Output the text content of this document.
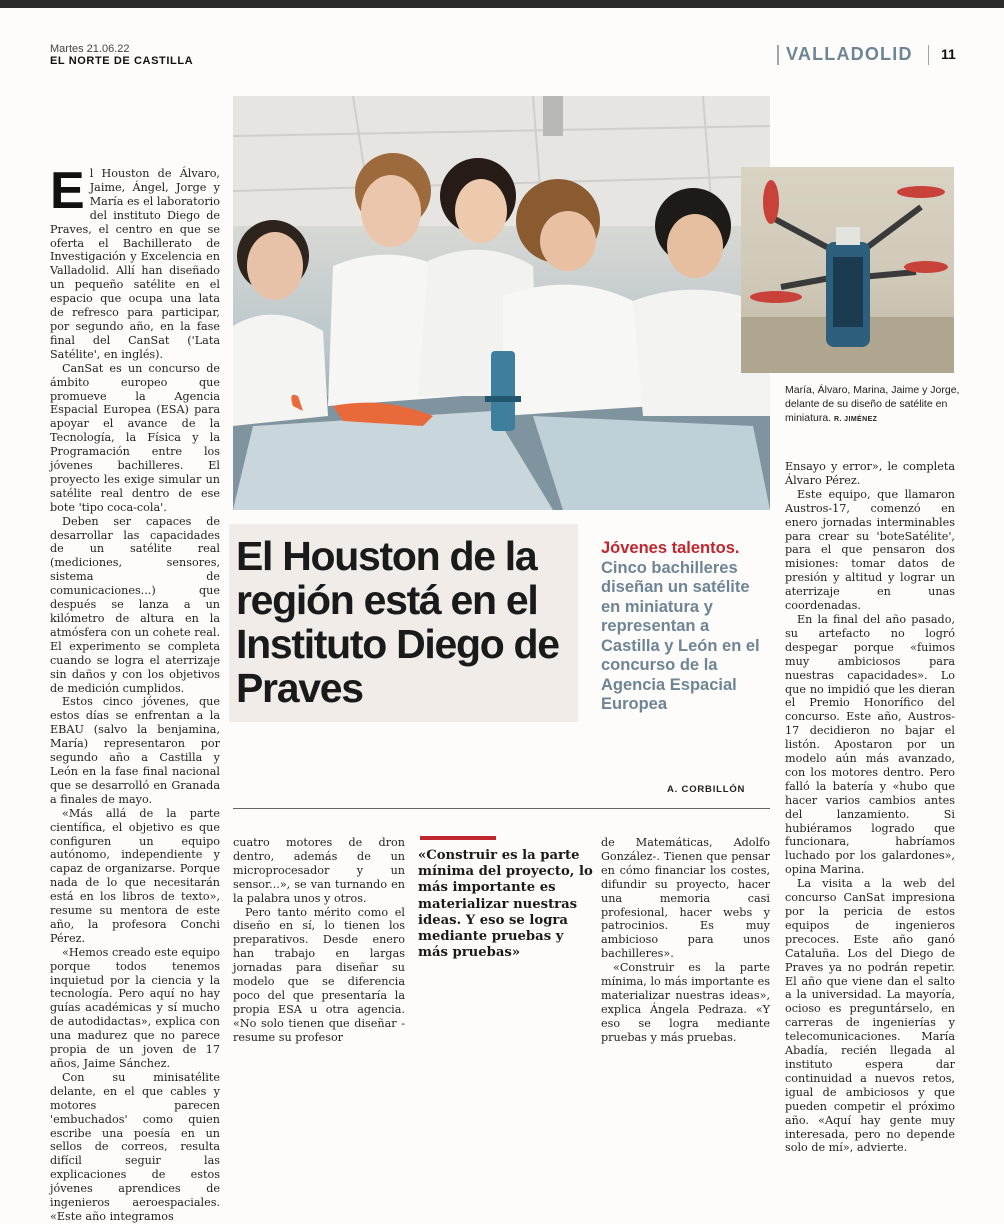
Martes 21.06.22
EL NORTE DE CASTILLA	VALLADOLID 11
María, Álvaro, Marina, Jaime y Jorge, delante de su diseño de satélite en miniatura. R. JIMÉNEZ

El Houston de Álvaro, Jaime, Ángel, Jorge y María es el laboratorio del instituto Diego de Praves, el centro en que se oferta el Bachillerato de Investigación y Excelencia en Valladolid. Allí han diseñado un pequeño satélite en el espacio que ocupa una lata de refresco para participar, por segundo año, en la fase final del CanSat ('Lata Satélite', en inglés).

CanSat es un concurso de ámbito europeo que promueve la Agencia Espacial Europea (ESA) para apoyar el avance de la Tecnología, la Física y la Programación entre los jóvenes bachilleres. El proyecto les exige simular un satélite real dentro de ese bote 'tipo coca-cola'.

Deben ser capaces de desarrollar las capacidades de un satélite real (mediciones, sensores, sistema de comunicaciones...) que después se lanza a un kilómetro de altura en la atmósfera con un cohete real. El experimento se completa cuando se logra el aterrizaje sin daños y con los objetivos de medición cumplidos.

Estos cinco jóvenes, que estos días se enfrentan a la EBAU (salvo la benjamina, María) representaron por segundo año a Castilla y León en la fase final nacional que se desarrolló en Granada a finales de mayo.

«Más allá de la parte científica, el objetivo es que configuren un equipo autónomo, independiente y capaz de organizarse. Porque nada de lo que necesitarán está en los libros de texto», resume su mentora de este año, la profesora Conchi Pérez.

«Hemos creado este equipo porque todos tenemos inquietud por la ciencia y la tecnología. Pero aquí no hay guías académicas y sí mucho de autodidactas», explica con una madurez que no parece propia de un joven de 17 años, Jaime Sánchez.

Con su minisatélite delante, en el que cables y motores parecen 'embuchados' como quien escribe una poesía en un sellos de correos, resulta difícil seguir las explicaciones de estos jóvenes aprendices de ingenieros aeroespaciales. «Este año integramos

El Houston de la región está en el Instituto Diego de Praves
Jóvenes talentos. Cinco bachilleres diseñan un satélite en miniatura y representan a Castilla y León en el concurso de la Agencia Espacial Europea
A. CORBILLÓN

cuatro motores de dron dentro, además de un microprocesador y un sensor...», se van turnando en la palabra unos y otros.

Pero tanto mérito como el diseño en sí, lo tienen los preparativos. Desde enero han trabajo en largas jornadas para diseñar su modelo que se diferencia poco del que presentaría la propia ESA u otra agencia. «No solo tienen que diseñar -resume su profesor

«Construir es la parte mínima del proyecto, lo más importante es materializar nuestras ideas. Y eso se logra mediante pruebas y más pruebas»

de Matemáticas, Adolfo González-. Tienen que pensar en cómo financiar los costes, difundir su proyecto, hacer una memoria casi profesional, hacer webs y patrocinios. Es muy ambicioso para unos bachilleres».

«Construir es la parte mínima, lo más importante es materializar nuestras ideas», explica Ángela Pedraza. «Y eso se logra mediante pruebas y más pruebas.

Ensayo y error», le completa Álvaro Pérez.

Este equipo, que llamaron Austros-17, comenzó en enero jornadas interminables para crear su 'boteSatélite', para el que pensaron dos misiones: tomar datos de presión y altitud y lograr un aterrizaje en unas coordenadas.

En la final del año pasado, su artefacto no logró despegar porque «fuimos muy ambiciosos para nuestras capacidades». Lo que no impidió que les dieran el Premio Honorífico del concurso. Este año, Austros-17 decidieron no bajar el listón. Apostaron por un modelo aún más avanzado, con los motores dentro. Pero falló la batería y «hubo que hacer varios cambios antes del lanzamiento. Si hubiéramos logrado que funcionara, habríamos luchado por los galardones», opina Marina.

La visita a la web del concurso CanSat impresiona por la pericia de estos equipos de ingenieros precoces. Este año ganó Cataluña. Los del Diego de Praves ya no podrán repetir. El año que viene dan el salto a la universidad. La mayoría, ocioso es preguntárselo, en carreras de ingenierías y telecomunicaciones. María Abadía, recién llegada al instituto espera dar continuidad a nuevos retos, igual de ambiciosos y que pueden competir el próximo año. «Aquí hay gente muy interesada, pero no depende solo de mí», advierte.
